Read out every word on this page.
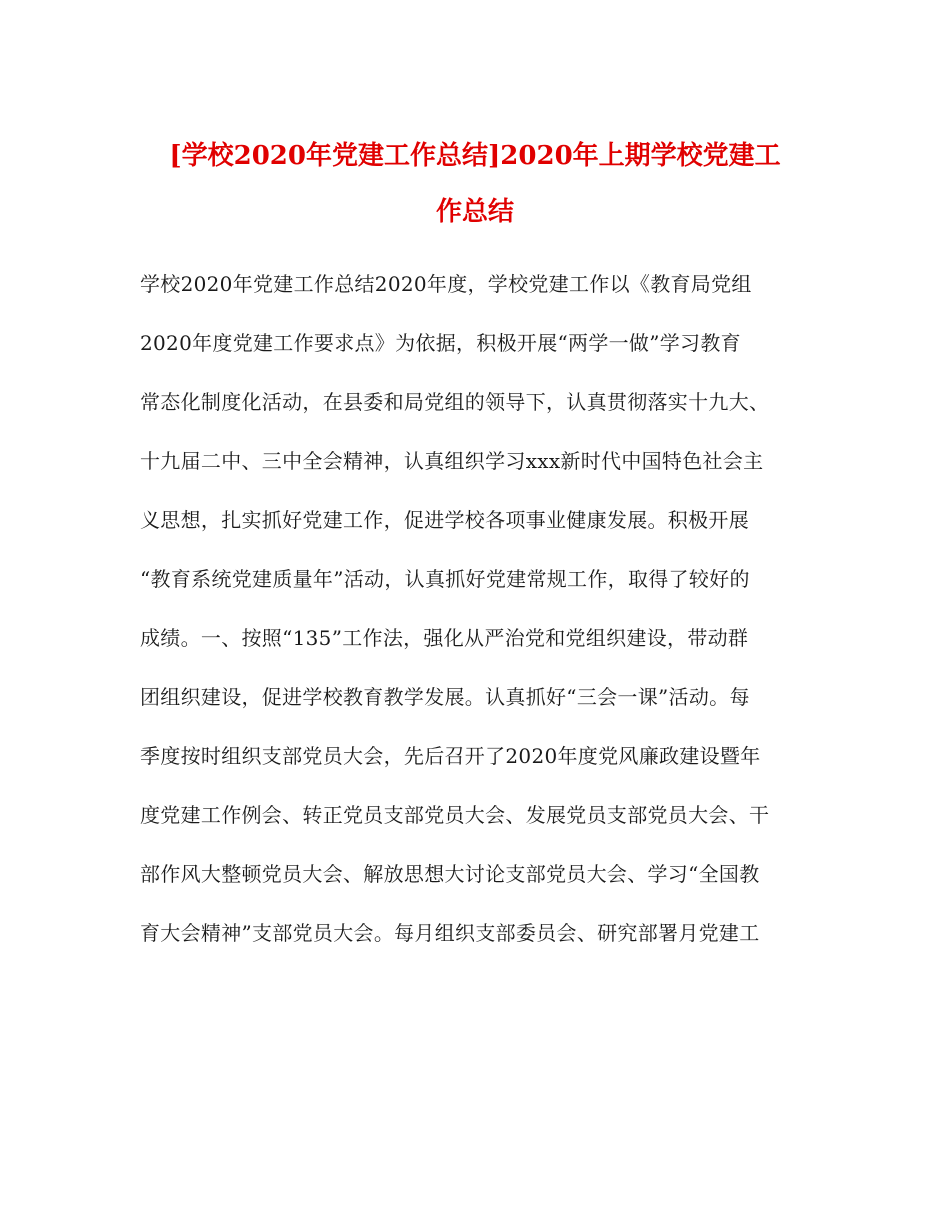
[学校2020年党建工作总结]2020年上期学校党建工
作总结
学校2020年党建工作总结2020年度，学校党建工作以《教育局党组
2020年度党建工作要求点》为依据，积极开展“两学一做”学习教育
常态化制度化活动，在县委和局党组的领导下，认真贯彻落实十九大、
十九届二中、三中全会精神，认真组织学习xxx新时代中国特色社会主
义思想，扎实抓好党建工作，促进学校各项事业健康发展。积极开展
“教育系统党建质量年”活动，认真抓好党建常规工作，取得了较好的
成绩。一、按照“135”工作法，强化从严治党和党组织建设，带动群
团组织建设，促进学校教育教学发展。认真抓好“三会一课”活动。每
季度按时组织支部党员大会，先后召开了2020年度党风廉政建设暨年
度党建工作例会、转正党员支部党员大会、发展党员支部党员大会、干
部作风大整顿党员大会、解放思想大讨论支部党员大会、学习“全国教
育大会精神”支部党员大会。每月组织支部委员会、研究部署月党建工
